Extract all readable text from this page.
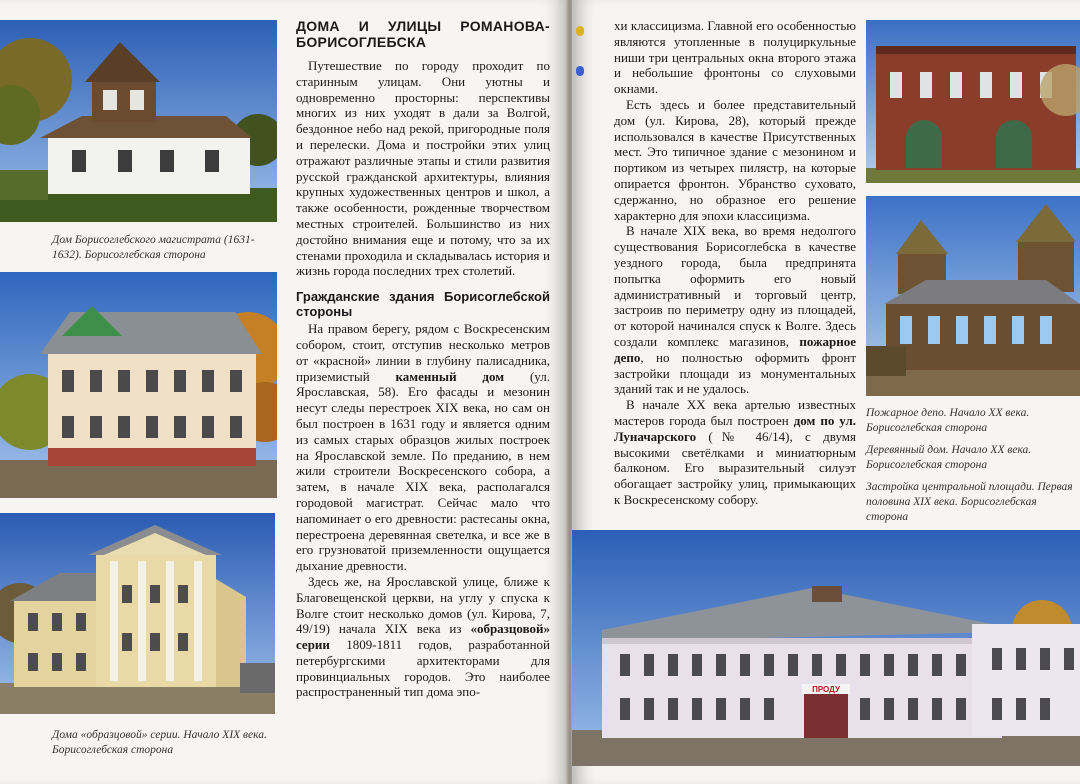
Дом Борисоглебского магистрата (1631-1632). Борисоглебская сторона
Дома «образцовой» серии. Начало XIX века. Борисоглебская сторона
ДОМА И УЛИЦЫ РОМАНОВА-БОРИСОГЛЕБСКА

Путешествие по городу проходит по старинным улицам. Они уютны и одновременно просторны: перспективы многих из них уходят в дали за Волгой, бездонное небо над рекой, пригородные поля и перелески. Дома и постройки этих улиц отражают различные этапы и стили развития русской гражданской архитектуры, влияния крупных художественных центров и школ, а также особенности, рожденные творчеством местных строителей. Большинство из них достойно внимания еще и потому, что за их стенами проходила и складывалась история и жизнь города последних трех столетий.

Гражданские здания Борисоглебской стороны

На правом берегу, рядом с Воскресенским собором, стоит, отступив несколько метров от «красной» линии в глубину палисадника, приземистый каменный дом (ул. Ярославская, 58). Его фасады и мезонин несут следы перестроек XIX века, но сам он был построен в 1631 году и является одним из самых старых образцов жилых построек на Ярославской земле. По преданию, в нем жили строители Воскресенского собора, а затем, в начале XIX века, располагался городовой магистрат. Сейчас мало что напоминает о его древности: растесаны окна, перестроена деревянная светелка, и все же в его грузноватой приземленности ощущается дыхание древности.

Здесь же, на Ярославской улице, ближе к Благовещенской церкви, на углу у спуска к Волге стоит несколько домов (ул. Кирова, 7, 49/19) начала XIX века из «образцовой» серии 1809-1811 годов, разработанной петербургскими архитекторами для провинциальных городов. Это наиболее распространенный тип дома эпо-

хи классицизма. Главной его особенностью являются утопленные в полуциркульные ниши три центральных окна второго этажа и небольшие фронтоны со слуховыми окнами.

Есть здесь и более представительный дом (ул. Кирова, 28), который прежде использовался в качестве Присутственных мест. Это типичное здание с мезонином и портиком из четырех пилястр, на которые опирается фронтон. Убранство суховато, сдержанно, но образное его решение характерно для эпохи классицизма.

В начале XIX века, во время недолгого существования Борисоглебска в качестве уездного города, была предпринята попытка оформить его новый административный и торговый центр, застроив по периметру одну из площадей, от которой начинался спуск к Волге. Здесь создали комплекс магазинов, пожарное депо, но полностью оформить фронт застройки площади из монументальных зданий так и не удалось.

В начале XX века артелью известных мастеров города был построен дом по ул. Луначарского (№ 46/14), с двумя высокими светёлками и миниатюрным балконом. Его выразительный силуэт обогащает застройку улиц, примыкающих к Воскресенскому собору.

Пожарное депо. Начало XX века. Борисоглебская сторона
Деревянный дом. Начало XX века. Борисоглебская сторона
Застройка центральной площади. Первая половина XIX века. Борисоглебская сторона
ПРОДУ
